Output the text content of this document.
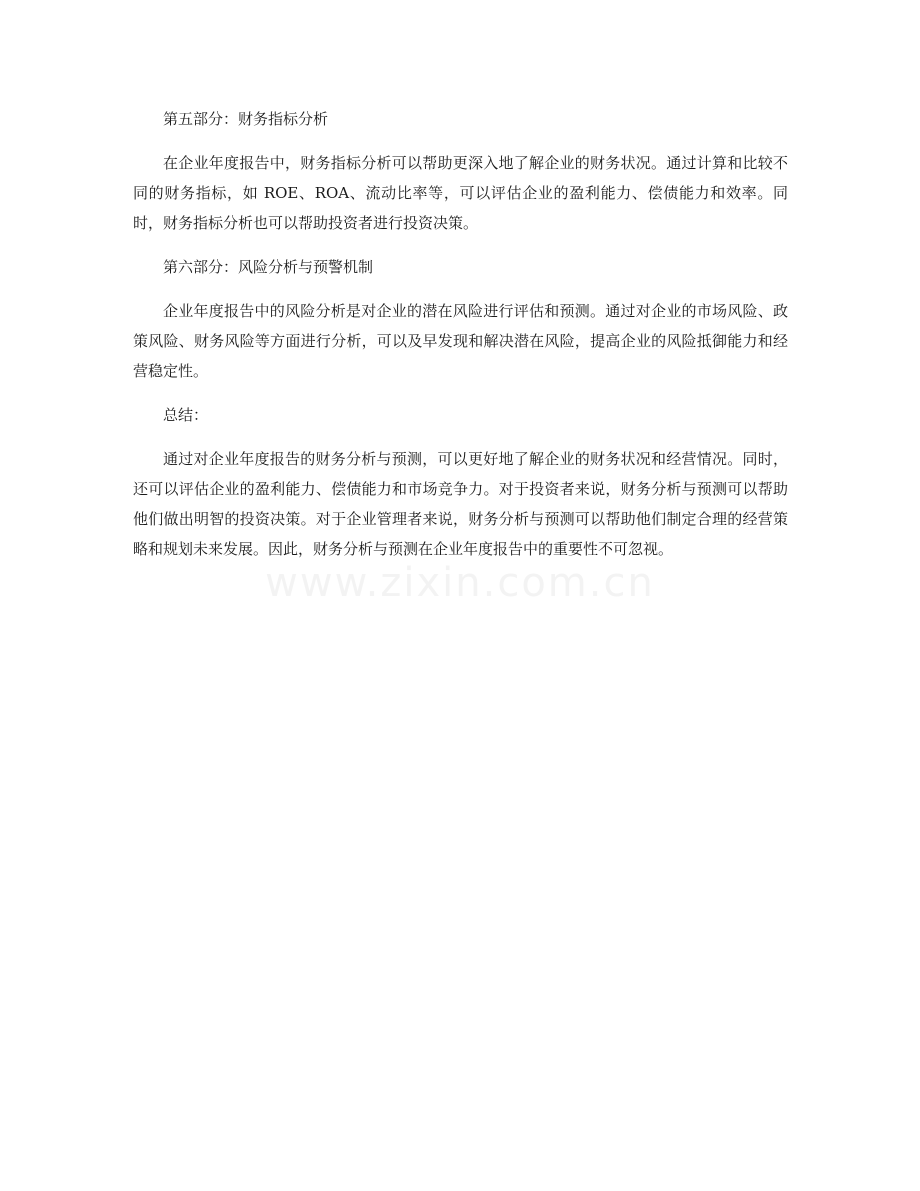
第五部分：财务指标分析

在企业年度报告中，财务指标分析可以帮助更深入地了解企业的财务状况。通过计算和比较不同的财务指标，如 ROE、ROA、流动比率等，可以评估企业的盈利能力、偿债能力和效率。同时，财务指标分析也可以帮助投资者进行投资决策。

第六部分：风险分析与预警机制

企业年度报告中的风险分析是对企业的潜在风险进行评估和预测。通过对企业的市场风险、政策风险、财务风险等方面进行分析，可以及早发现和解决潜在风险，提高企业的风险抵御能力和经营稳定性。

总结：

通过对企业年度报告的财务分析与预测，可以更好地了解企业的财务状况和经营情况。同时，还可以评估企业的盈利能力、偿债能力和市场竞争力。对于投资者来说，财务分析与预测可以帮助他们做出明智的投资决策。对于企业管理者来说，财务分析与预测可以帮助他们制定合理的经营策略和规划未来发展。因此，财务分析与预测在企业年度报告中的重要性不可忽视。

www.zixin.com.cn
